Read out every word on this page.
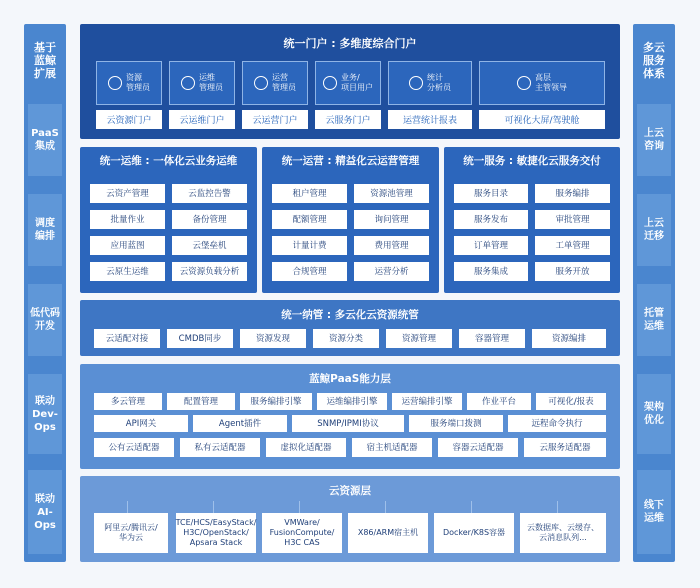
基于
蓝鲸
扩展
PaaS
集成
调度
编排
低代码
开发
联动
Dev-
Ops
联动
AI-
Ops
多云
服务
体系
上云
咨询
上云
迁移
托管
运维
架构
优化
线下
运维
统一门户 : 多维度综合门户
资源
管理员
云资源门户
运维
管理员
云运维门户
运营
管理员
云运营门户
业务/
项目用户
云服务门户
统计
分析员
运营统计报表
高层
主管领导
可视化大屏/驾驶舱
统一运维 : 一体化云业务运维
云资产管理	云监控告警
批量作业	备份管理
应用蓝图	云堡垒机
云原生运维	云资源负载分析
统一运营 : 精益化云运营管理
租户管理	资源池管理
配额管理	询问管理
计量计费	费用管理
合规管理	运营分析
统一服务 : 敏捷化云服务交付
服务目录	服务编排
服务发布	审批管理
订单管理	工单管理
服务集成	服务开放
统一纳管 : 多云化云资源统管
云适配对接	CMDB同步	资源发现	资源分类	资源管理	容器管理	资源编排
蓝鲸PaaS能力层
多云管理	配置管理	服务编排引擎	运维编排引擎	运营编排引擎	作业平台	可视化/报表
API网关	Agent插件	SNMP/IPMI协议	服务端口拨测	远程命令执行
公有云适配器	私有云适配器	虚拟化适配器	宿主机适配器	容器云适配器	云服务适配器
云资源层
阿里云/腾讯云/
华为云
TCE/HCS/EasyStack/
H3C/OpenStack/
Apsara Stack
VMWare/
FusionCompute/
H3C CAS
X86/ARM宿主机	Docker/K8S容器
云数据库、云缓存、
云消息队列...
